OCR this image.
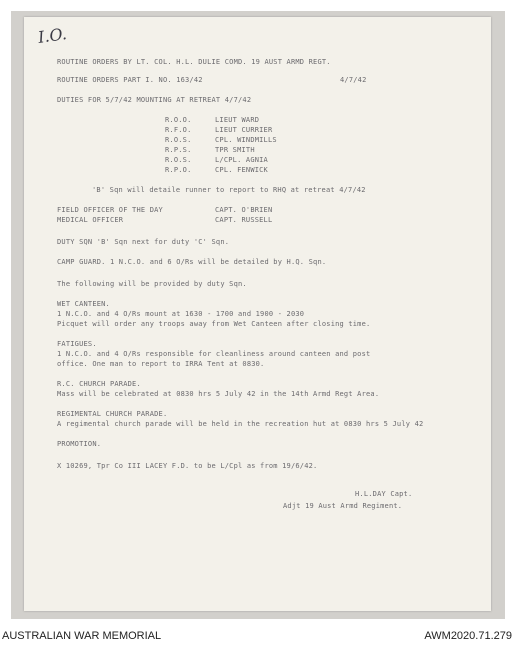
I.O.
ROUTINE ORDERS BY LT. COL. H.L. DULIE COMD. 19 AUST ARMD REGT.
ROUTINE ORDERS PART I. NO. 163/42	4/7/42
DUTIES FOR 5/7/42 MOUNTING AT RETREAT 4/7/42
R.O.O.	LIEUT WARD
R.F.O.	LIEUT CURRIER
R.O.S.	CPL. WINDMILLS
R.P.S.	TPR SMITH
R.O.S.	L/CPL. AGNIA
R.P.O.	CPL. FENWICK
'B' Sqn will detaile runner to report to RHQ at retreat 4/7/42
FIELD OFFICER OF THE DAY	CAPT. O'BRIEN
MEDICAL OFFICER	CAPT. RUSSELL
DUTY SQN 'B' Sqn next for duty 'C' Sqn.
CAMP GUARD. 1 N.C.O. and 6 O/Rs will be detailed by H.Q. Sqn.
The following will be provided by duty Sqn.
WET CANTEEN.
1 N.C.O. and 4 O/Rs mount at 1630 - 1700 and 1900 - 2030
Picquet will order any troops away from Wet Canteen after closing time.
FATIGUES.
1 N.C.O. and 4 O/Rs responsible for cleanliness around canteen and post
office. One man to report to IRRA Tent at 0830.
R.C. CHURCH PARADE.
Mass will be celebrated at 0830 hrs 5 July 42 in the 14th Armd Regt Area.
REGIMENTAL CHURCH PARADE.
A regimental church parade will be held in the recreation hut at 0830 hrs 5 July 42
PROMOTION.
X 10269, Tpr Co III LACEY F.D. to be L/Cpl as from 19/6/42.
H.L.DAY Capt.
Adjt 19 Aust Armd Regiment.
AUSTRALIAN WAR MEMORIAL	AWM2020.71.279
